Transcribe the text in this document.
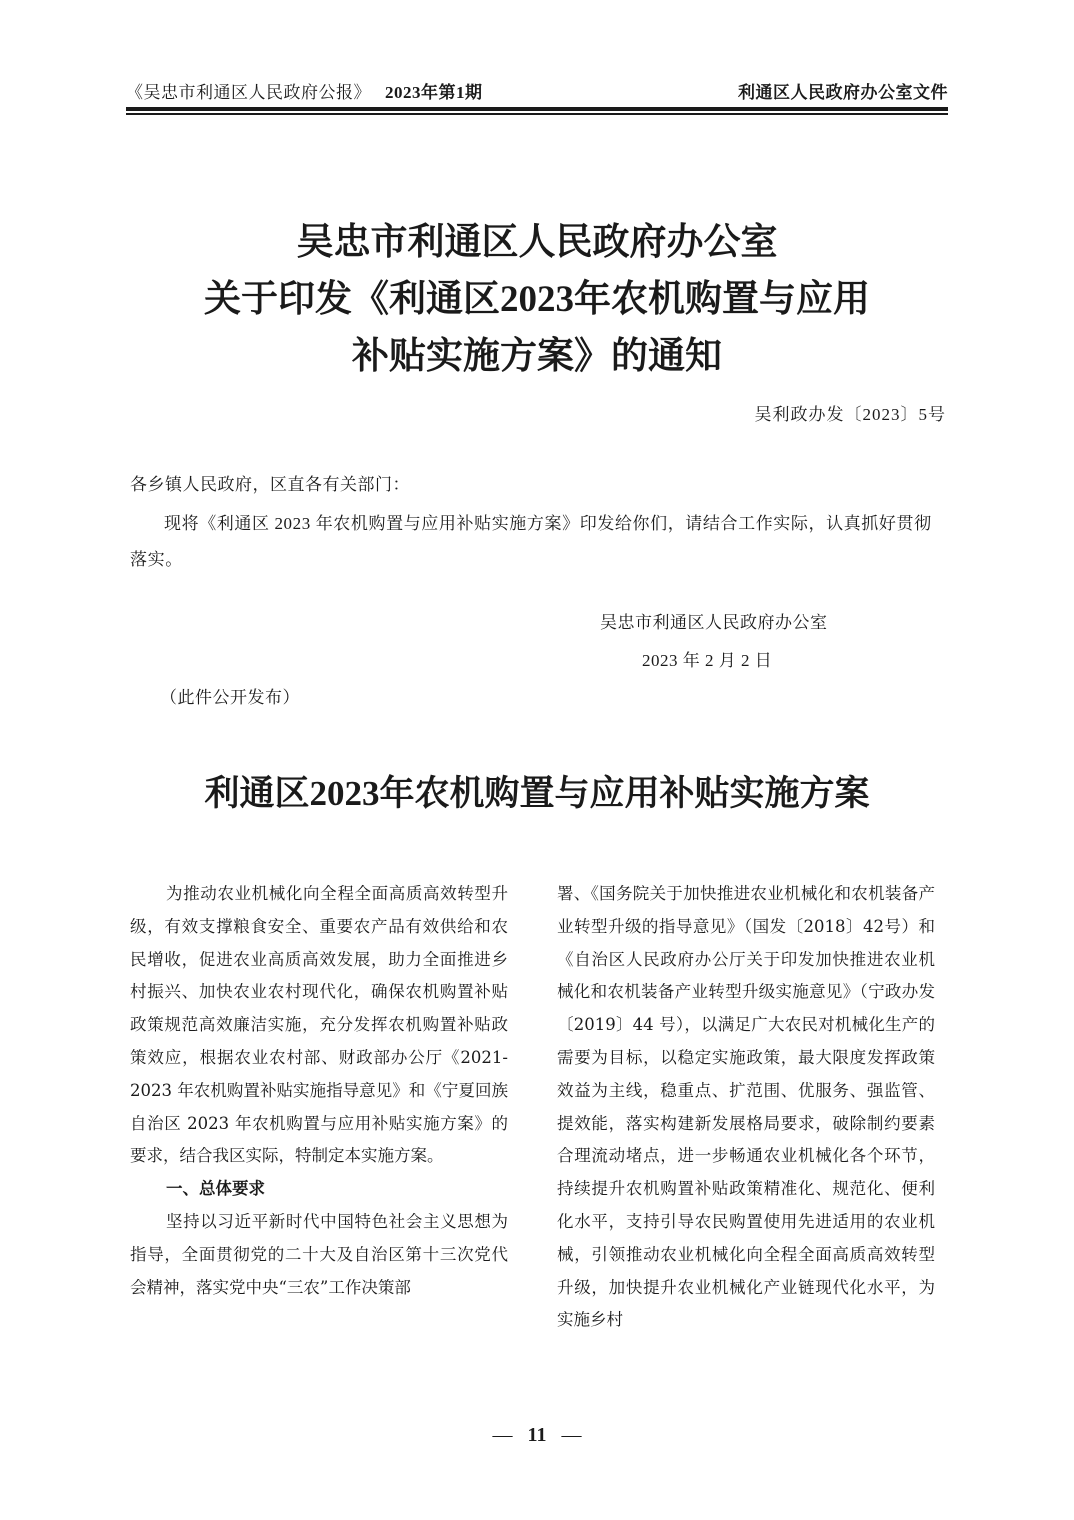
《吴忠市利通区人民政府公报》 2023年第1期	利通区人民政府办公室文件
吴忠市利通区人民政府办公室
关于印发《利通区2023年农机购置与应用
补贴实施方案》的通知
吴利政办发〔2023〕5号
各乡镇人民政府，区直各有关部门：

现将《利通区 2023 年农机购置与应用补贴实施方案》印发给你们，请结合工作实际，认真抓好贯彻落实。

吴忠市利通区人民政府办公室
2023 年 2 月 2 日
（此件公开发布）
利通区2023年农机购置与应用补贴实施方案

为推动农业机械化向全程全面高质高效转型升级，有效支撑粮食安全、重要农产品有效供给和农民增收，促进农业高质高效发展，助力全面推进乡村振兴、加快农业农村现代化，确保农机购置补贴政策规范高效廉洁实施，充分发挥农机购置补贴政策效应，根据农业农村部、财政部办公厅《2021-2023 年农机购置补贴实施指导意见》和《宁夏回族自治区 2023 年农机购置与应用补贴实施方案》的要求，结合我区实际，特制定本实施方案。

一、总体要求

坚持以习近平新时代中国特色社会主义思想为指导，全面贯彻党的二十大及自治区第十三次党代会精神，落实党中央“三农”工作决策部

署、《国务院关于加快推进农业机械化和农机装备产业转型升级的指导意见》（国发〔2018〕42号）和《自治区人民政府办公厅关于印发加快推进农业机械化和农机装备产业转型升级实施意见》（宁政办发〔2019〕44 号），以满足广大农民对机械化生产的需要为目标，以稳定实施政策，最大限度发挥政策效益为主线，稳重点、扩范围、优服务、强监管、提效能，落实构建新发展格局要求，破除制约要素合理流动堵点，进一步畅通农业机械化各个环节，持续提升农机购置补贴政策精准化、规范化、便利化水平，支持引导农民购置使用先进适用的农业机械，引领推动农业机械化向全程全面高质高效转型升级，加快提升农业机械化产业链现代化水平，为实施乡村

— 11 —
